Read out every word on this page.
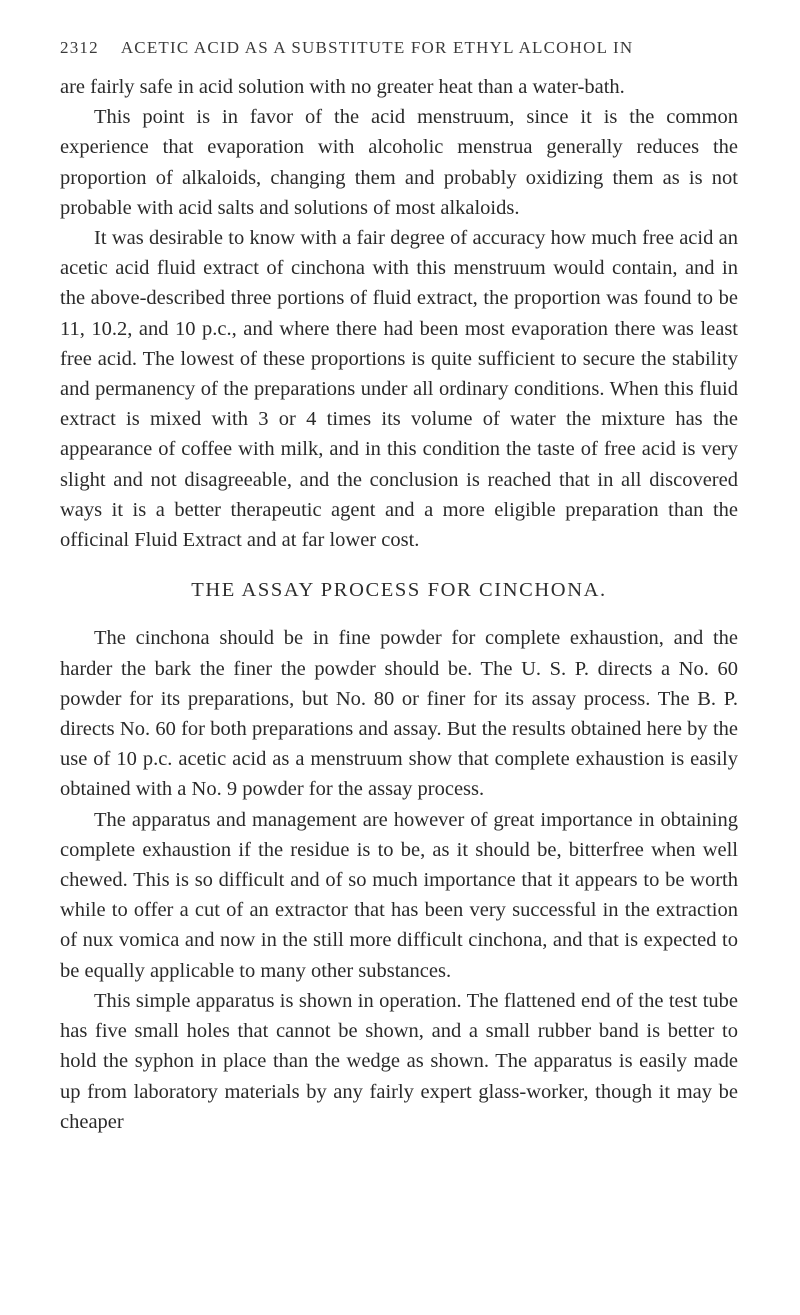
2312 ACETIC ACID AS A SUBSTITUTE FOR ETHYL ALCOHOL IN

are fairly safe in acid solution with no greater heat than a water-bath.

This point is in favor of the acid menstruum, since it is the common experience that evaporation with alcoholic menstrua generally reduces the proportion of alkaloids, changing them and probably oxidizing them as is not probable with acid salts and solutions of most alkaloids.

It was desirable to know with a fair degree of accuracy how much free acid an acetic acid fluid extract of cinchona with this menstruum would contain, and in the above-described three portions of fluid extract, the proportion was found to be 11, 10.2, and 10 p.c., and where there had been most evaporation there was least free acid. The lowest of these proportions is quite sufficient to secure the stability and permanency of the preparations under all ordinary conditions. When this fluid extract is mixed with 3 or 4 times its volume of water the mixture has the appearance of coffee with milk, and in this condition the taste of free acid is very slight and not disagreeable, and the conclusion is reached that in all discovered ways it is a better therapeutic agent and a more eligible preparation than the officinal Fluid Extract and at far lower cost.

THE ASSAY PROCESS FOR CINCHONA.

The cinchona should be in fine powder for complete exhaustion, and the harder the bark the finer the powder should be. The U. S. P. directs a No. 60 powder for its preparations, but No. 80 or finer for its assay process. The B. P. directs No. 60 for both preparations and assay. But the results obtained here by the use of 10 p.c. acetic acid as a menstruum show that complete exhaustion is easily obtained with a No. 9 powder for the assay process.

The apparatus and management are however of great importance in obtaining complete exhaustion if the residue is to be, as it should be, bitterfree when well chewed. This is so difficult and of so much importance that it appears to be worth while to offer a cut of an extractor that has been very successful in the extraction of nux vomica and now in the still more difficult cinchona, and that is expected to be equally applicable to many other substances.

This simple apparatus is shown in operation. The flattened end of the test tube has five small holes that cannot be shown, and a small rubber band is better to hold the syphon in place than the wedge as shown. The apparatus is easily made up from laboratory materials by any fairly expert glass-worker, though it may be cheaper
